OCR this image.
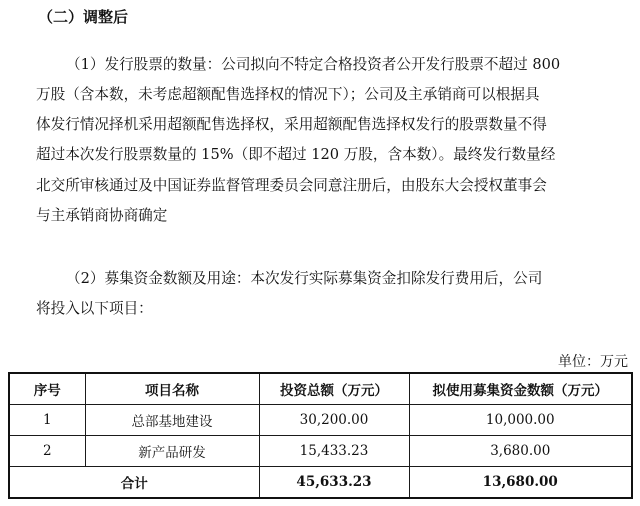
（二）调整后
（1）发行股票的数量：公司拟向不特定合格投资者公开发行股票不超过 800
万股（含本数，未考虑超额配售选择权的情况下）；公司及主承销商可以根据具
体发行情况择机采用超额配售选择权，采用超额配售选择权发行的股票数量不得
超过本次发行股票数量的 15%（即不超过 120 万股，含本数）。最终发行数量经
北交所审核通过及中国证券监督管理委员会同意注册后，由股东大会授权董事会
与主承销商协商确定
（2）募集资金数额及用途：本次发行实际募集资金扣除发行费用后，公司
将投入以下项目：
单位：万元
序号	项目名称	投资总额（万元）	拟使用募集资金数额（万元）
1	总部基地建设	30,200.00	10,000.00
2	新产品研发	15,433.23	3,680.00
合计		45,633.23	13,680.00
